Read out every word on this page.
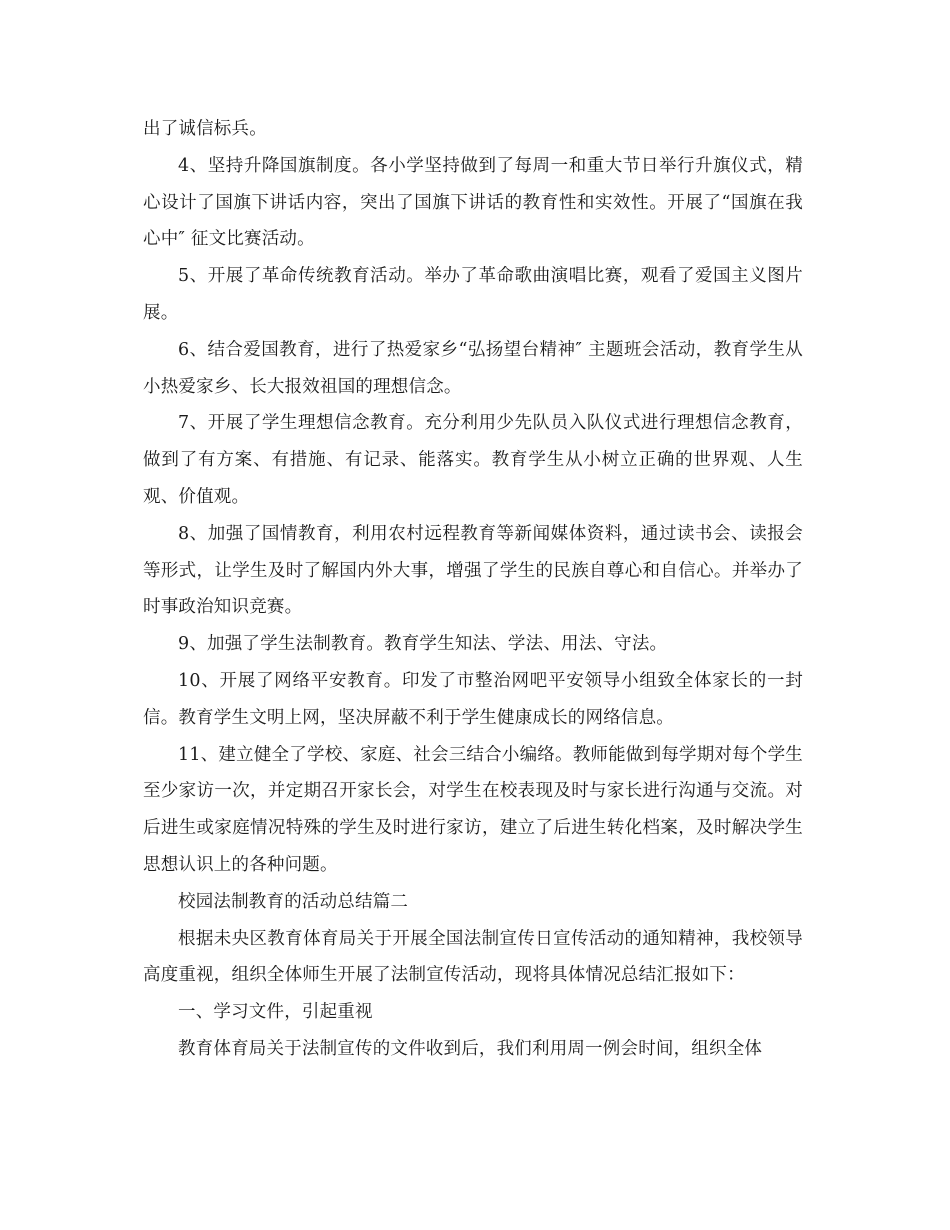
出了诚信标兵。

4、坚持升降国旗制度。各小学坚持做到了每周一和重大节日举行升旗仪式，精心设计了国旗下讲话内容，突出了国旗下讲话的教育性和实效性。开展了“国旗在我心中″ 征文比赛活动。

5、开展了革命传统教育活动。举办了革命歌曲演唱比赛，观看了爱国主义图片展。

6、结合爱国教育，进行了热爱家乡“弘扬望台精神″ 主题班会活动，教育学生从小热爱家乡、长大报效祖国的理想信念。

7、开展了学生理想信念教育。充分利用少先队员入队仪式进行理想信念教育，做到了有方案、有措施、有记录、能落实。教育学生从小树立正确的世界观、人生观、价值观。

8、加强了国情教育，利用农村远程教育等新闻媒体资料，通过读书会、读报会等形式，让学生及时了解国内外大事，增强了学生的民族自尊心和自信心。并举办了时事政治知识竞赛。

9、加强了学生法制教育。教育学生知法、学法、用法、守法。

10、开展了网络平安教育。印发了市整治网吧平安领导小组致全体家长的一封信。教育学生文明上网，坚决屏蔽不利于学生健康成长的网络信息。

11、建立健全了学校、家庭、社会三结合小编络。教师能做到每学期对每个学生至少家访一次，并定期召开家长会，对学生在校表现及时与家长进行沟通与交流。对后进生或家庭情况特殊的学生及时进行家访，建立了后进生转化档案，及时解决学生思想认识上的各种问题。

校园法制教育的活动总结篇二

根据未央区教育体育局关于开展全国法制宣传日宣传活动的通知精神，我校领导高度重视，组织全体师生开展了法制宣传活动，现将具体情况总结汇报如下：

一、学习文件，引起重视

教育体育局关于法制宣传的文件收到后，我们利用周一例会时间，组织全体
